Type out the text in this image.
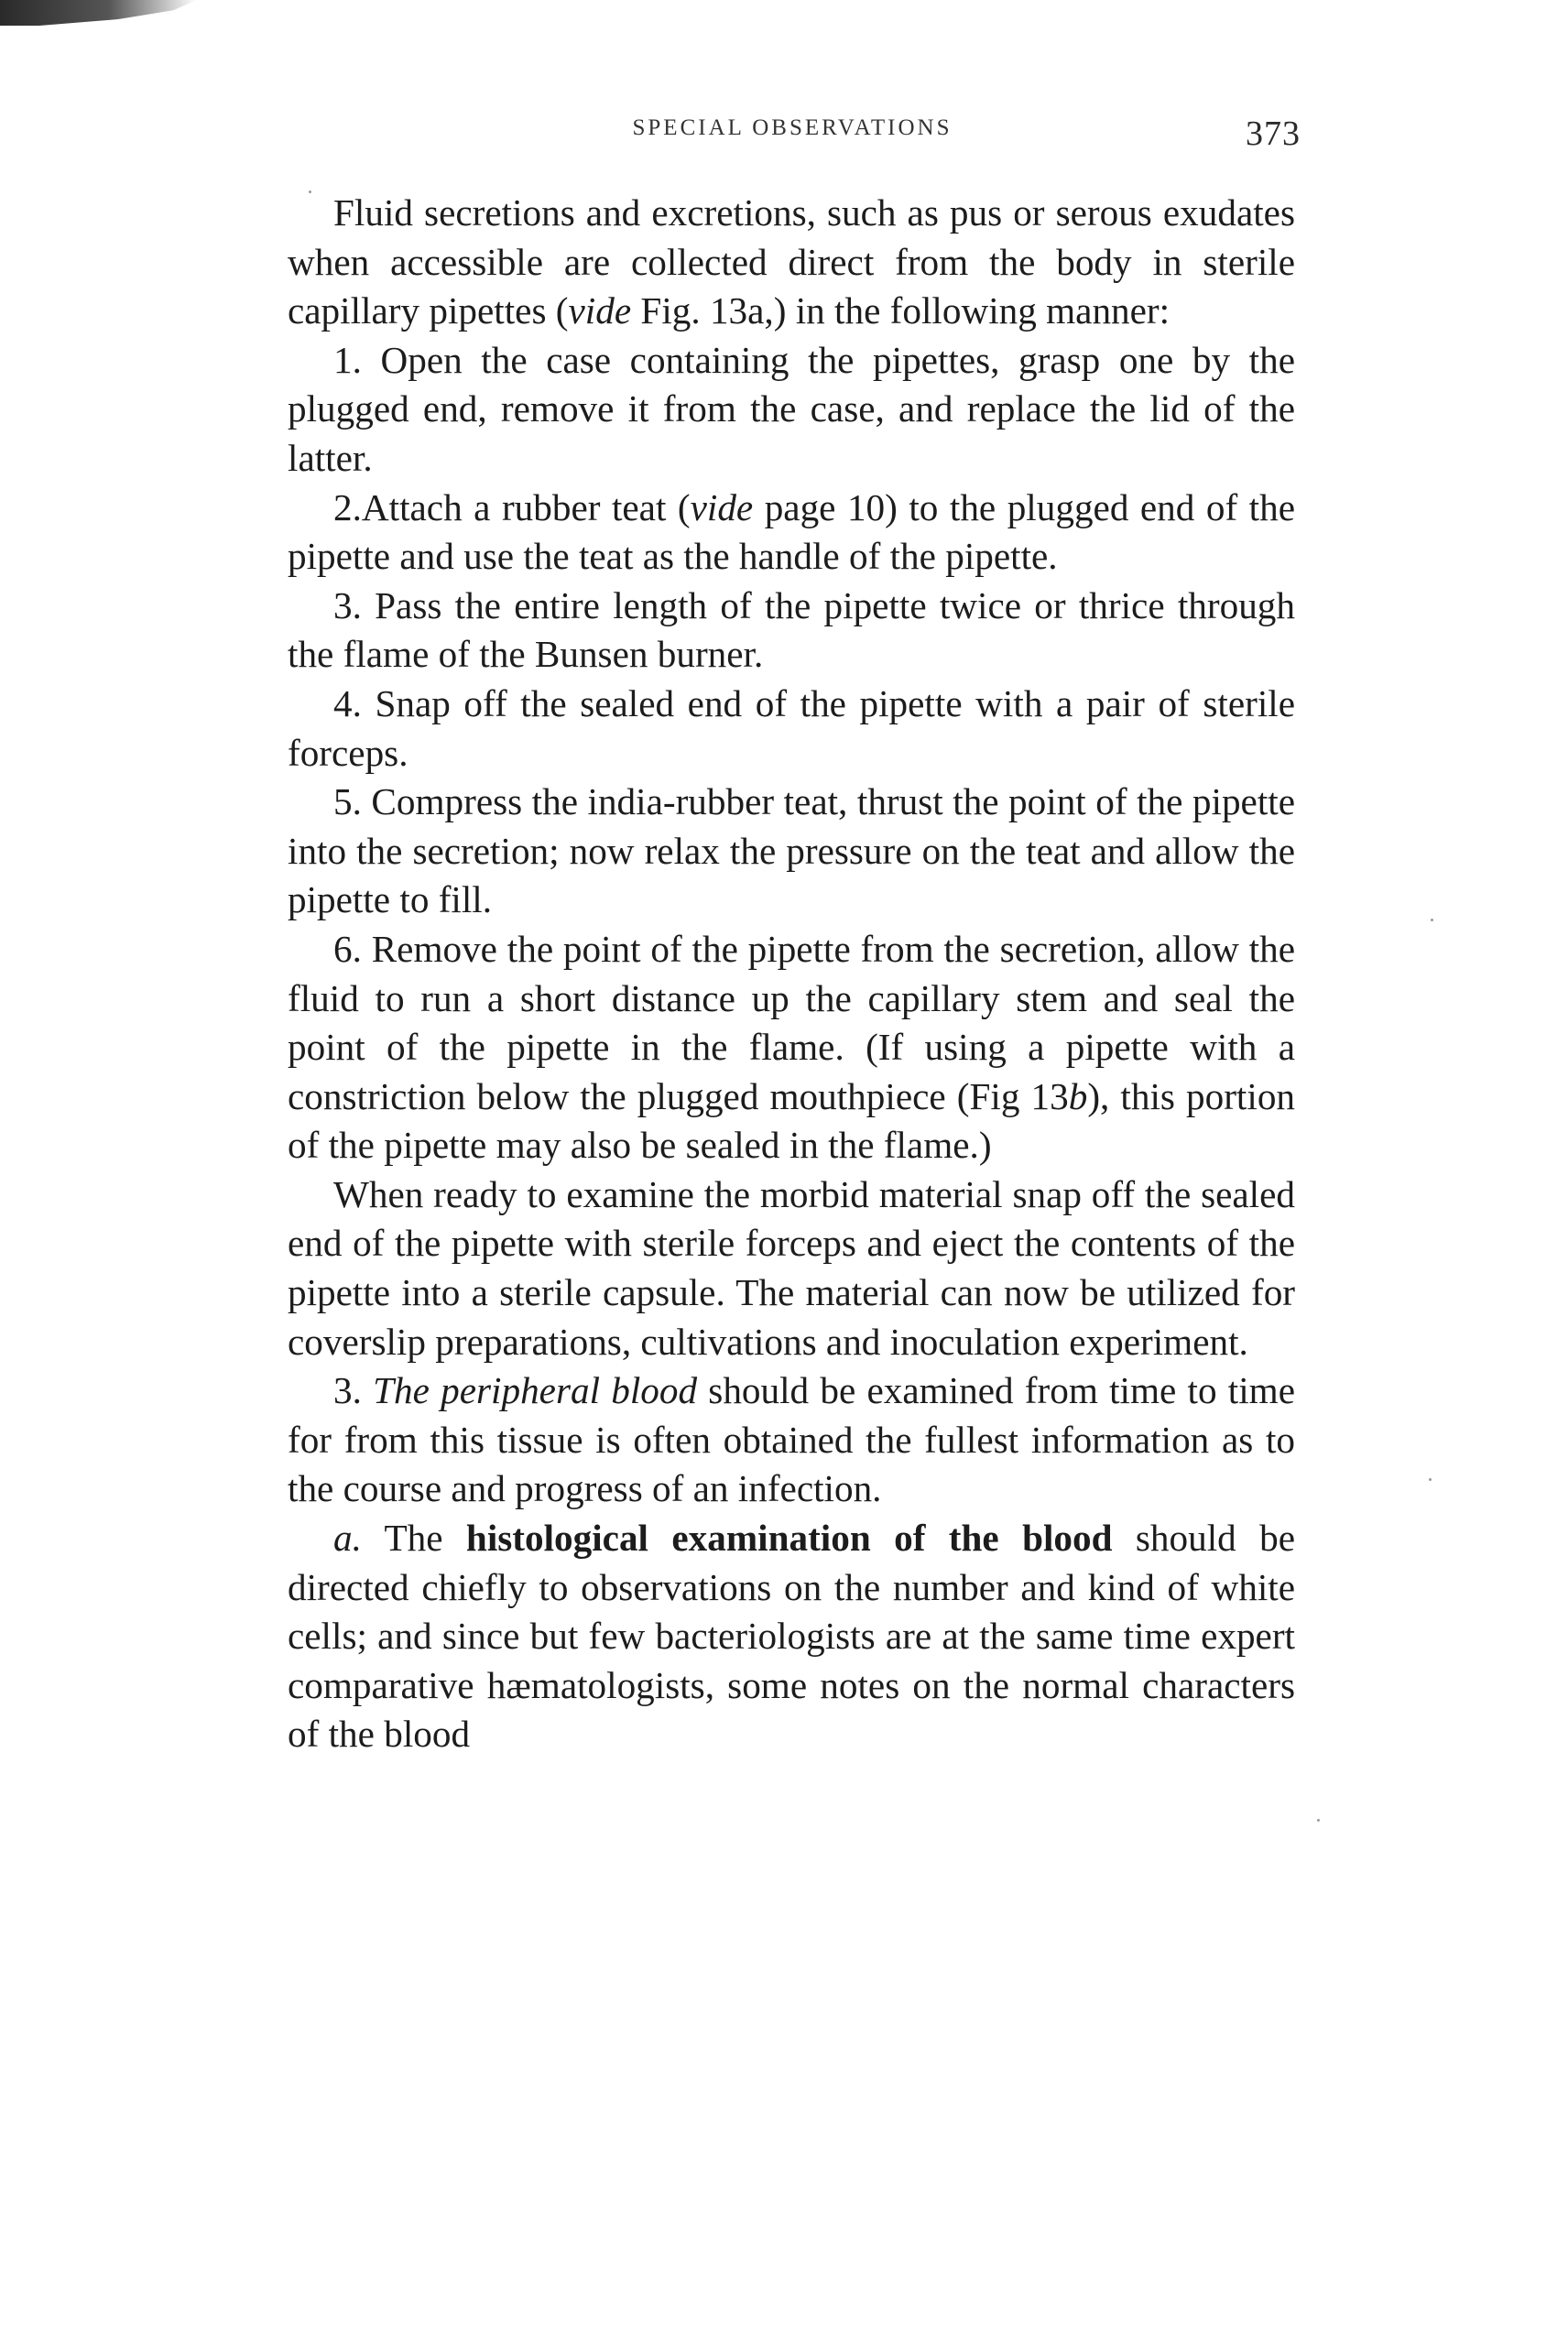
SPECIAL OBSERVATIONS	373

Fluid secretions and excretions, such as pus or serous exudates when accessible are collected direct from the body in sterile capillary pipettes (vide Fig. 13a,) in the following manner:

1. Open the case containing the pipettes, grasp one by the plugged end, remove it from the case, and replace the lid of the latter.

2.Attach a rubber teat (vide page 10) to the plugged end of the pipette and use the teat as the handle of the pipette.

3. Pass the entire length of the pipette twice or thrice through the flame of the Bunsen burner.

4. Snap off the sealed end of the pipette with a pair of sterile forceps.

5. Compress the india-rubber teat, thrust the point of the pipette into the secretion; now relax the pressure on the teat and allow the pipette to fill.

6. Remove the point of the pipette from the secretion, allow the fluid to run a short distance up the capillary stem and seal the point of the pipette in the flame. (If using a pipette with a constriction below the plugged mouthpiece (Fig 13b), this portion of the pipette may also be sealed in the flame.)

When ready to examine the morbid material snap off the sealed end of the pipette with sterile forceps and eject the contents of the pipette into a sterile capsule. The material can now be utilized for coverslip preparations, cultivations and inoculation experiment.

3. The peripheral blood should be examined from time to time for from this tissue is often obtained the fullest information as to the course and progress of an infection.

a. The histological examination of the blood should be directed chiefly to observations on the number and kind of white cells; and since but few bacteriologists are at the same time expert comparative hæmatologists, some notes on the normal characters of the blood
